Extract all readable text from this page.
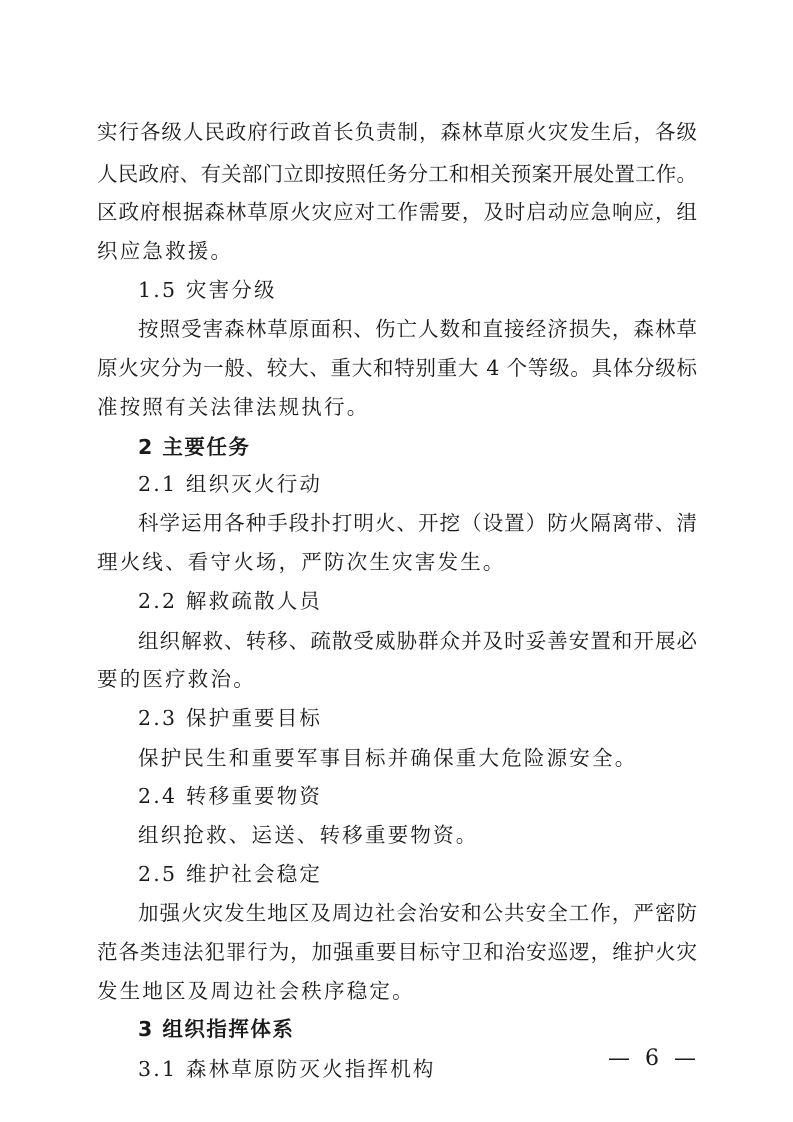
实行各级人民政府行政首长负责制，森林草原火灾发生后，各级
人民政府、有关部门立即按照任务分工和相关预案开展处置工作。
区政府根据森林草原火灾应对工作需要，及时启动应急响应，组
织应急救援。
1.5 灾害分级
按照受害森林草原面积、伤亡人数和直接经济损失，森林草
原火灾分为一般、较大、重大和特别重大 4 个等级。具体分级标
准按照有关法律法规执行。
2 主要任务
2.1 组织灭火行动
科学运用各种手段扑打明火、开挖（设置）防火隔离带、清
理火线、看守火场，严防次生灾害发生。
2.2 解救疏散人员
组织解救、转移、疏散受威胁群众并及时妥善安置和开展必
要的医疗救治。
2.3 保护重要目标
保护民生和重要军事目标并确保重大危险源安全。
2.4 转移重要物资
组织抢救、运送、转移重要物资。
2.5 维护社会稳定
加强火灾发生地区及周边社会治安和公共安全工作，严密防
范各类违法犯罪行为，加强重要目标守卫和治安巡逻，维护火灾
发生地区及周边社会秩序稳定。
3 组织指挥体系
3.1 森林草原防灭火指挥机构	— 6 —
